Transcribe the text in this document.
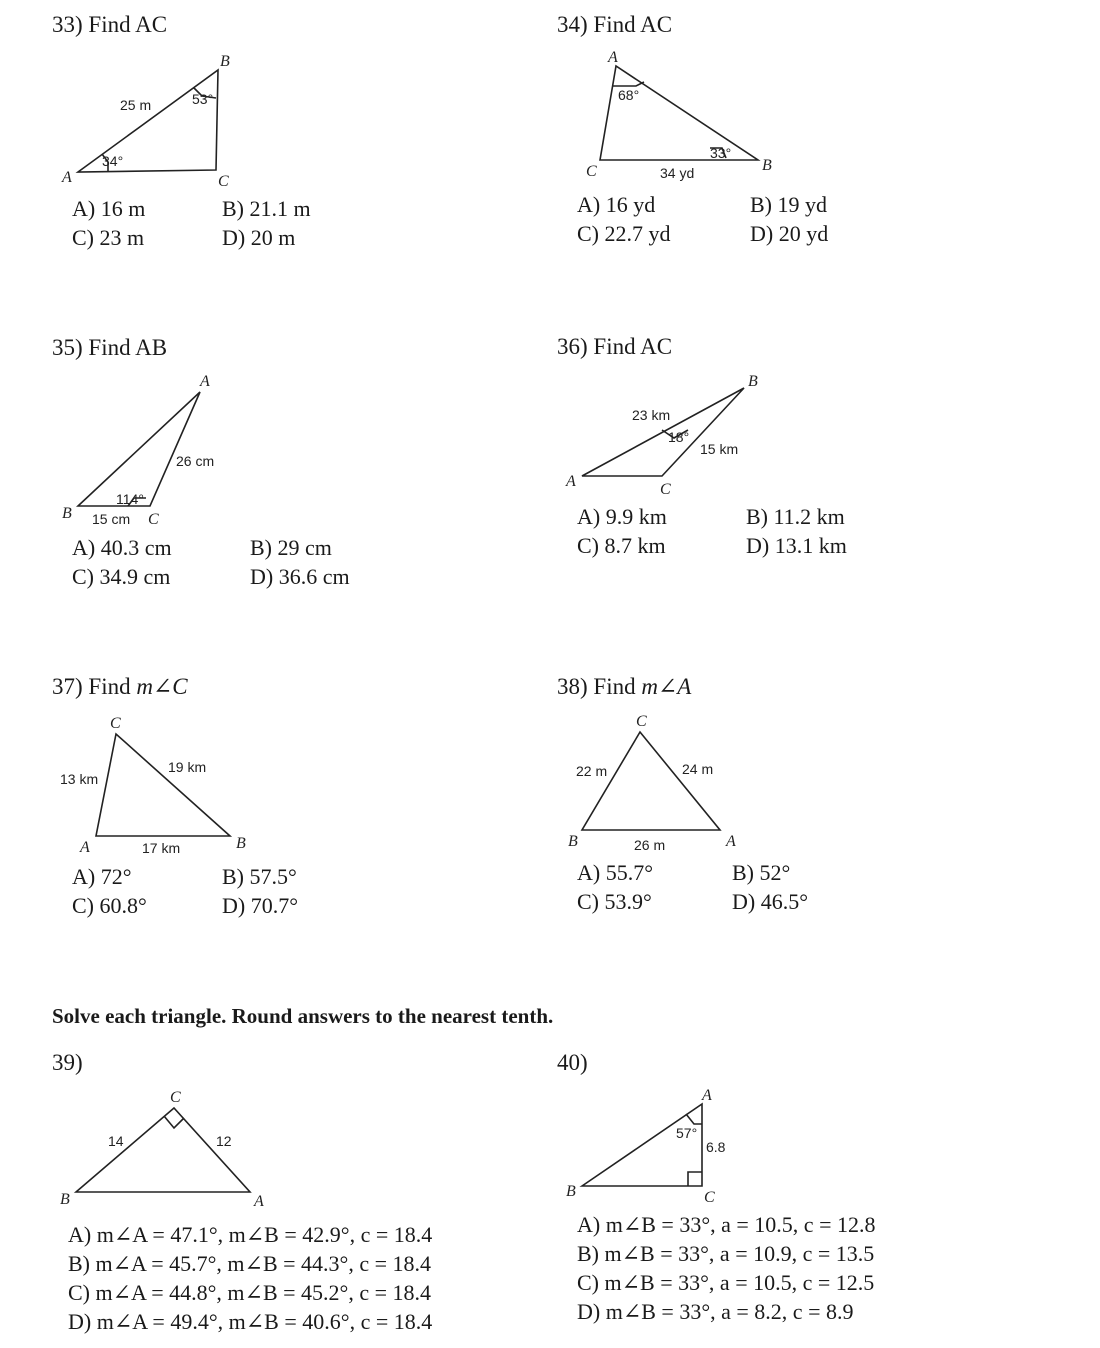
33) Find AC
A
B
C
25 m	53°
34°
A) 16 m	B) 21.1 m
C) 23 m	D) 20 m
34) Find AC
A
B
C	34 yd
68°
33°
A) 16 yd	B) 19 yd
C) 22.7 yd	D) 20 yd
35) Find AB
A
B	C
26 cm
15 cm
114°
A) 40.3 cm	B) 29 cm
C) 34.9 cm	D) 36.6 cm
36) Find AC
A
B
C
23 km
15 km
18°
A) 9.9 km	B) 11.2 km
C) 8.7 km	D) 13.1 km
37) Find m∠C
C
A	B
13 km
19 km
17 km
A) 72°	B) 57.5°
C) 60.8°	D) 70.7°
38) Find m∠A
C
B	A
22 m	24 m
26 m
A) 55.7°	B) 52°
C) 53.9°	D) 46.5°
Solve each triangle. Round answers to the nearest tenth.
39)
C
B	A
14	12
A) m∠A = 47.1°, m∠B = 42.9°, c = 18.4
B) m∠A = 45.7°, m∠B = 44.3°, c = 18.4
C) m∠A = 44.8°, m∠B = 45.2°, c = 18.4
D) m∠A = 49.4°, m∠B = 40.6°, c = 18.4
40)
A
B	C
6.8
57°
A) m∠B = 33°, a = 10.5, c = 12.8
B) m∠B = 33°, a = 10.9, c = 13.5
C) m∠B = 33°, a = 10.5, c = 12.5
D) m∠B = 33°, a = 8.2, c = 8.9
